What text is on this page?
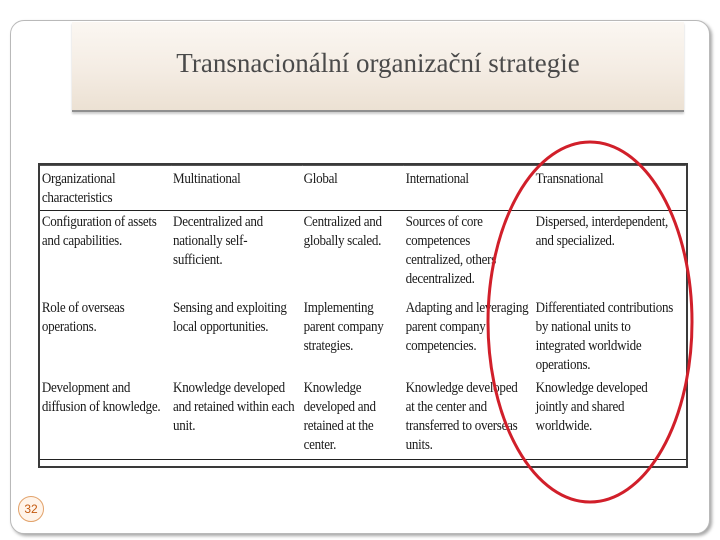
Transnacionální organizační strategie
Organizational characteristics	Multinational	Global	International	Transnational
Configuration of assets and capabilities.	Decentralized and nationally self-sufficient.	Centralized and globally scaled.	Sources of core competences centralized, others decentralized.	Dispersed, interdependent, and specialized.
Role of overseas operations.	Sensing and exploiting local opportunities.	Implementing parent company strategies.	Adapting and leveraging parent company competencies.	Differentiated contributions by national units to integrated worldwide operations.
Development and diffusion of knowledge.	Knowledge developed and retained within each unit.	Knowledge developed and retained at the center.	Knowledge developed at the center and transferred to overseas units.	Knowledge developed jointly and shared worldwide.
32
